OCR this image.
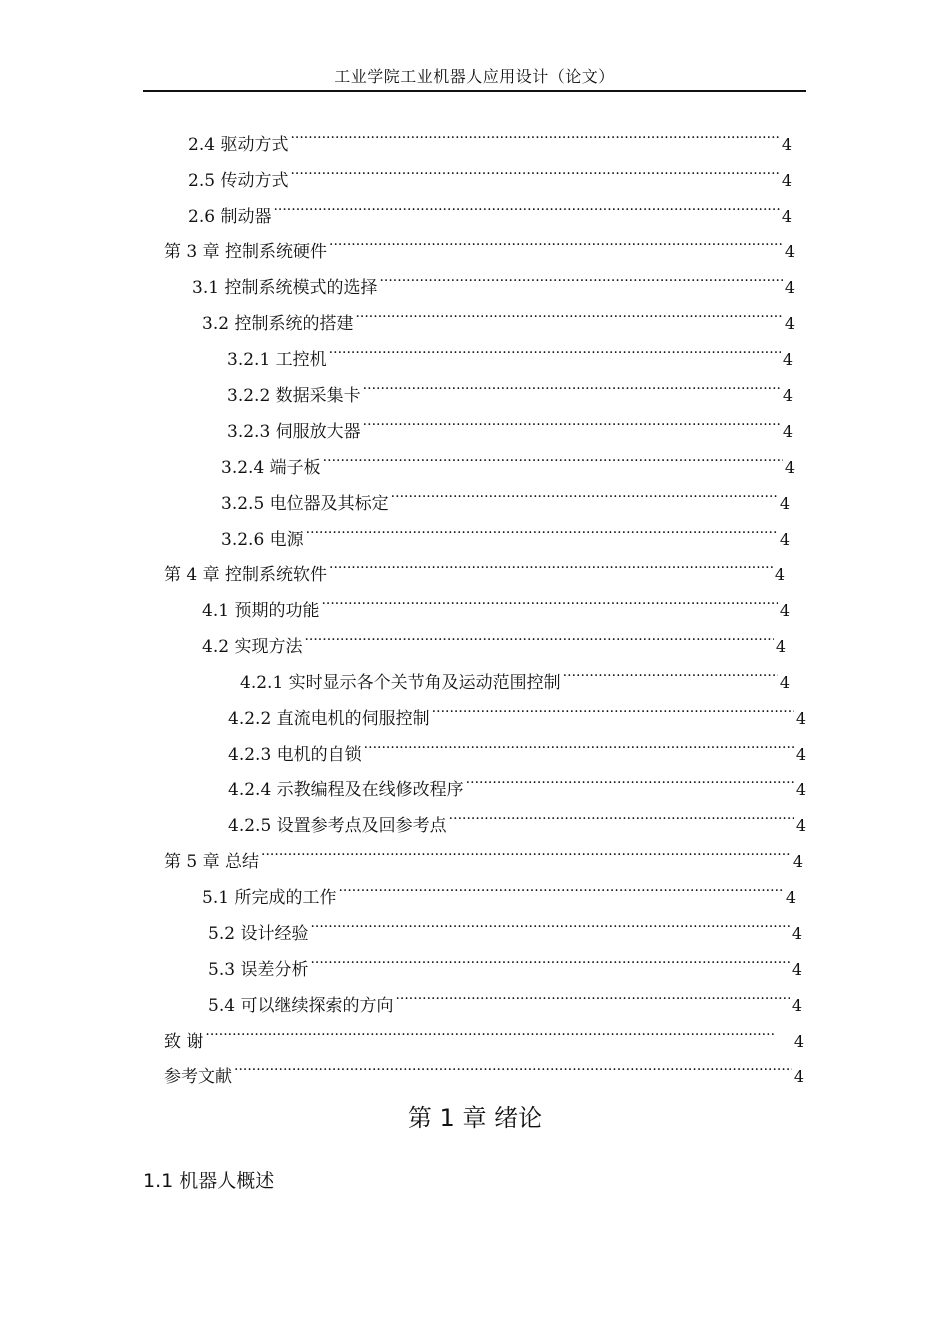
工业学院工业机器人应用设计（论文）
2.4 驱动方式 ·····	4
2.5 传动方式 ·····	4
2.6 制动器 ·····	4
第 3 章 控制系统硬件 ·····	4
3.1 控制系统模式的选择 ·····	4
3.2 控制系统的搭建 ·····	4
3.2.1 工控机 ·····	4
3.2.2 数据采集卡 ·····	4
3.2.3 伺服放大器 ·····	4
3.2.4 端子板 ·····	4
3.2.5 电位器及其标定 ·····	4
3.2.6 电源 ·····	4
第 4 章 控制系统软件 ·····	4
4.1 预期的功能 ·····	4
4.2 实现方法 ·····	4
4.2.1 实时显示各个关节角及运动范围控制 ·····	4
4.2.2 直流电机的伺服控制 ·····	4
4.2.3 电机的自锁 ·····	4
4.2.4 示教编程及在线修改程序 ·····	4
4.2.5 设置参考点及回参考点 ·····	4
第 5 章 总结 ·····	4
5.1 所完成的工作 ·····	4
5.2 设计经验 ·····	4
5.3 误差分析 ·····	4
5.4 可以继续探索的方向 ·····	4
致 谢 ·····	4
参考文献 ·····	4
第 1 章 绪论
1.1 机器人概述
